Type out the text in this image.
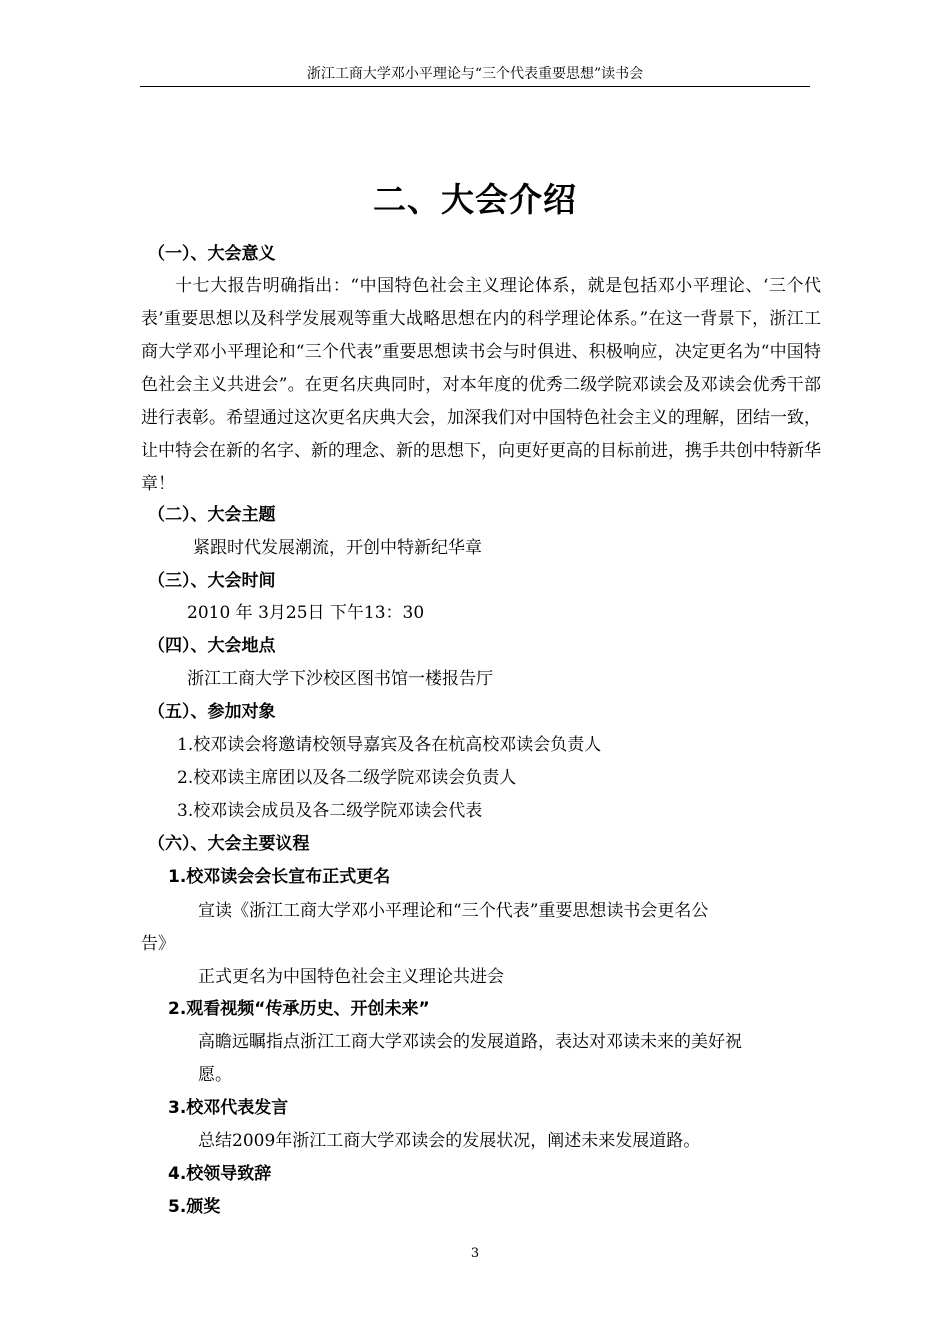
浙江工商大学邓小平理论与“三个代表重要思想”读书会
二、大会介绍
（一）、大会意义
十七大报告明确指出：“中国特色社会主义理论体系，就是包括邓小平理论、‘三个代表’重要思想以及科学发展观等重大战略思想在内的科学理论体系。”在这一背景下，浙江工商大学邓小平理论和“三个代表”重要思想读书会与时俱进、积极响应，决定更名为“中国特色社会主义共进会”。在更名庆典同时，对本年度的优秀二级学院邓读会及邓读会优秀干部进行表彰。希望通过这次更名庆典大会，加深我们对中国特色社会主义的理解，团结一致，让中特会在新的名字、新的理念、新的思想下，向更好更高的目标前进，携手共创中特新华章！
（二）、大会主题
紧跟时代发展潮流，开创中特新纪华章
（三）、大会时间
2010 年 3月25日 下午13：30
（四）、大会地点
浙江工商大学下沙校区图书馆一楼报告厅
（五）、参加对象
1.校邓读会将邀请校领导嘉宾及各在杭高校邓读会负责人
2.校邓读主席团以及各二级学院邓读会负责人
3.校邓读会成员及各二级学院邓读会代表
（六）、大会主要议程
1.校邓读会会长宣布正式更名
宣读《浙江工商大学邓小平理论和“三个代表”重要思想读书会更名公
告》
正式更名为中国特色社会主义理论共进会
2.观看视频“传承历史、开创未来”
高瞻远瞩指点浙江工商大学邓读会的发展道路，表达对邓读未来的美好祝
愿。
3.校邓代表发言
总结2009年浙江工商大学邓读会的发展状况，阐述未来发展道路。
4.校领导致辞
5.颁奖
3
